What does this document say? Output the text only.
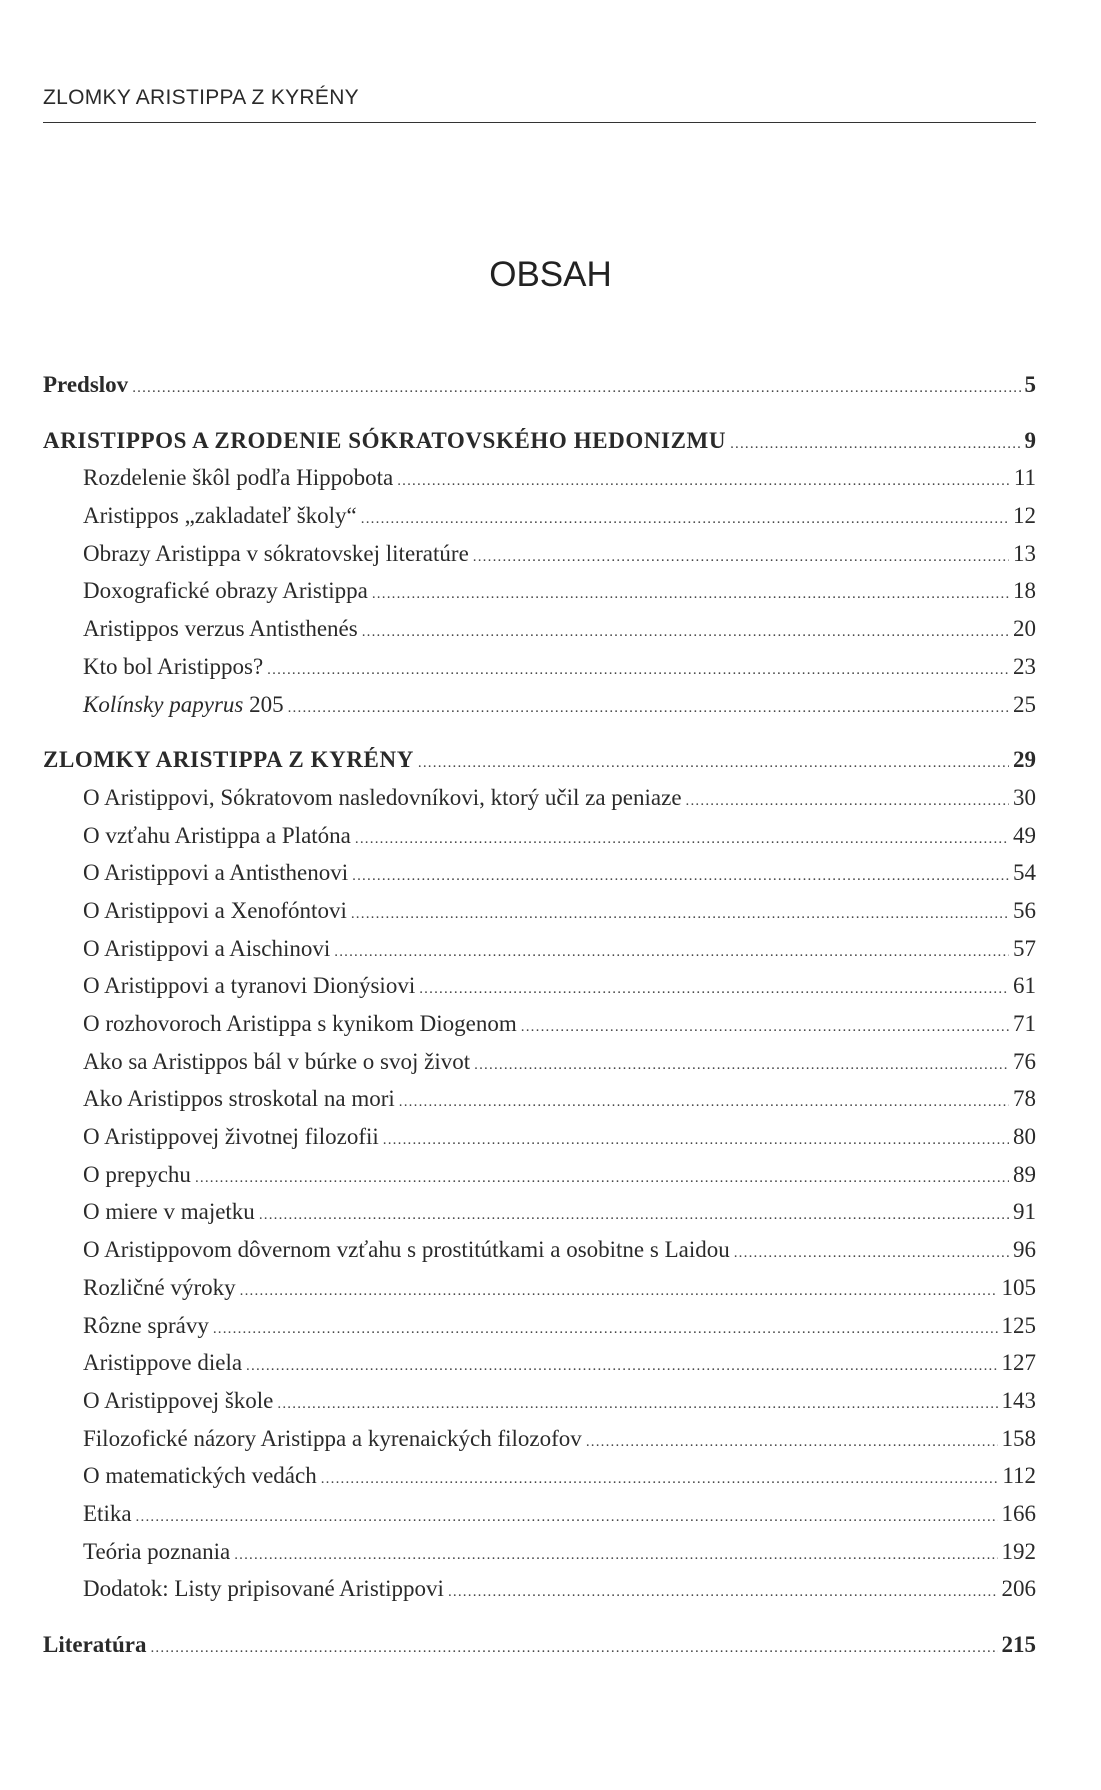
ZLOMKY ARISTIPPA Z KYRÉNY
OBSAH
Predslov .....	5
ARISTIPPOS A ZRODENIE SÓKRATOVSKÉHO HEDONIZMU .....	9
Rozdelenie škôl podľa Hippobota .....	11
Aristippos „zakladateľ školy“ .....	12
Obrazy Aristippa v sókratovskej literatúre .....	13
Doxografické obrazy Aristippa .....	18
Aristippos verzus Antisthenés .....	20
Kto bol Aristippos? .....	23
Kolínsky papyrus 205 .....	25
ZLOMKY ARISTIPPA Z KYRÉNY .....	29
O Aristippovi, Sókratovom nasledovníkovi, ktorý učil za peniaze .....	30
O vzťahu Aristippa a Platóna .....	49
O Aristippovi a Antisthenovi .....	54
O Aristippovi a Xenofóntovi .....	56
O Aristippovi a Aischinovi .....	57
O Aristippovi a tyranovi Dionýsiovi .....	61
O rozhovoroch Aristippa s kynikom Diogenom .....	71
Ako sa Aristippos bál v búrke o svoj život .....	76
Ako Aristippos stroskotal na mori .....	78
O Aristippovej životnej filozofii .....	80
O prepychu .....	89
O miere v majetku .....	91
O Aristippovom dôvernom vzťahu s prostitútkami a osobitne s Laidou .....	96
Rozličné výroky .....	105
Rôzne správy .....	125
Aristippove diela .....	127
O Aristippovej škole .....	143
Filozofické názory Aristippa a kyrenaických filozofov .....	158
O matematických vedách .....	112
Etika .....	166
Teória poznania .....	192
Dodatok: Listy pripisované Aristippovi .....	206
Literatúra .....	215
